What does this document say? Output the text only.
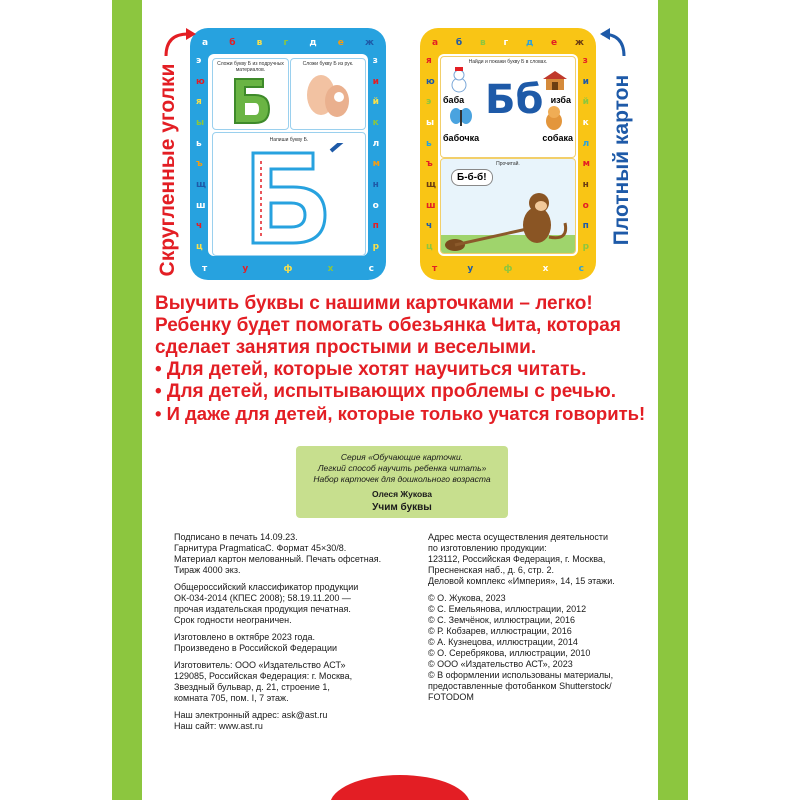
а б в г д е ж
э
ю
я
ы
ь
ъ
щ
ш
ч
ц
з
и
й
к
л
м
н
о
п
р
т	у	ф	х	с
Сложи букву Б из подручных материалов.
Сложи букву Б из рук.
Напиши букву Б.
а б в г д е ж
я
ю
э
ы
ь
ъ
щ
ш
ч
ц
з
и
й
к
л
м
н
о
п
р
т	у	ф	х	с
Найди и покажи букву Б в словах.
баба Бб изба
бабочка	собака
Прочитай.
Б-б-б!
Скругленные уголки	Плотный картон
Выучить буквы с нашими карточками – легко!
Ребенку будет помогать обезьянка Чита, которая
сделает занятия простыми и веселыми.
• Для детей, которые хотят научиться читать.
• Для детей, испытывающих проблемы с речью.
• И даже для детей, которые только учатся говорить!
Серия «Обучающие карточки.
Легкий способ научить ребенка читать»
Набор карточек для дошкольного возраста
Олеся Жукова
Учим буквы
Подписано в печать 14.09.23.
Гарнитура PragmaticaC. Формат 45×30/8.
Материал картон мелованный. Печать офсетная.
Тираж 4000 экз.
Общероссийский классификатор продукции
ОК-034-2014 (КПЕС 2008); 58.19.11.200 —
прочая издательская продукция печатная.
Срок годности неограничен.
Изготовлено в октябре 2023 года.
Произведено в Российской Федерации
Изготовитель: ООО «Издательство АСТ»
129085, Российская Федерация: г. Москва,
Звездный бульвар, д. 21, строение 1,
комната 705, пом. I, 7 этаж.
Наш электронный адрес: ask@ast.ru
Наш сайт: www.ast.ru
Адрес места осуществления деятельности
по изготовлению продукции:
123112, Российская Федерация, г. Москва,
Пресненская наб., д. 6, стр. 2.
Деловой комплекс «Империя», 14, 15 этажи.
© О. Жукова, 2023
© С. Емельянова, иллюстрации, 2012
© С. Земчёнок, иллюстрации, 2016
© Р. Кобзарев, иллюстрации, 2016
© А. Кузнецова, иллюстрации, 2014
© О. Серебрякова, иллюстрации, 2010
© ООО «Издательство АСТ», 2023
© В оформлении использованы материалы,
предоставленные фотобанком Shutterstock/
FOTODOM
